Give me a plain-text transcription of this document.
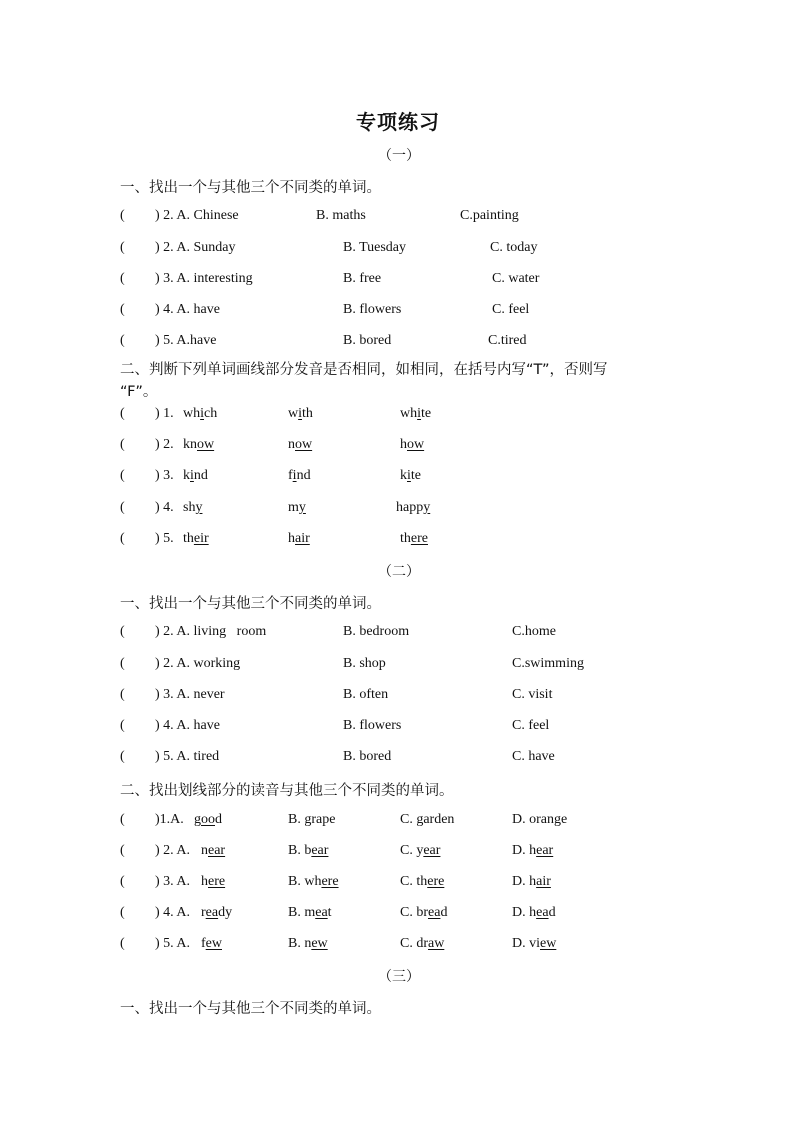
专项练习
（一）
一、找出一个与其他三个不同类的单词。
( ) 2. A. Chinese	B. maths	C.painting
( ) 2. A. Sunday	B. Tuesday	C. today
( ) 3. A. interesting	B. free	C. water
( ) 4. A. have	B. flowers	C. feel
( ) 5. A.have	B. bored	C.tired
二、判断下列单词画线部分发音是否相同，如相同，在括号内写“T”，否则写
“F”。
( ) 1. which	with	white
( ) 2. know	now	how
( ) 3. kind	find	kite
( ) 4. shy	my	happy
( ) 5. their	hair	there
（二）
一、找出一个与其他三个不同类的单词。
( ) 2. A. living   room	B. bedroom	C.home
( ) 2. A. working	B. shop	C.swimming
( ) 3. A. never	B. often	C. visit
( ) 4. A. have	B. flowers	C. feel
( ) 5. A. tired	B. bored	C. have
二、找出划线部分的读音与其他三个不同类的单词。
( )1.A. good	B. grape	C. garden	D. orange
( ) 2. A. near	B. bear	C. year	D. hear
( ) 3. A. here	B. where	C. there	D. hair
( ) 4. A. ready	B. meat	C. bread	D. head
( ) 5. A. few	B. new	C. draw	D. view
（三）
一、找出一个与其他三个不同类的单词。
